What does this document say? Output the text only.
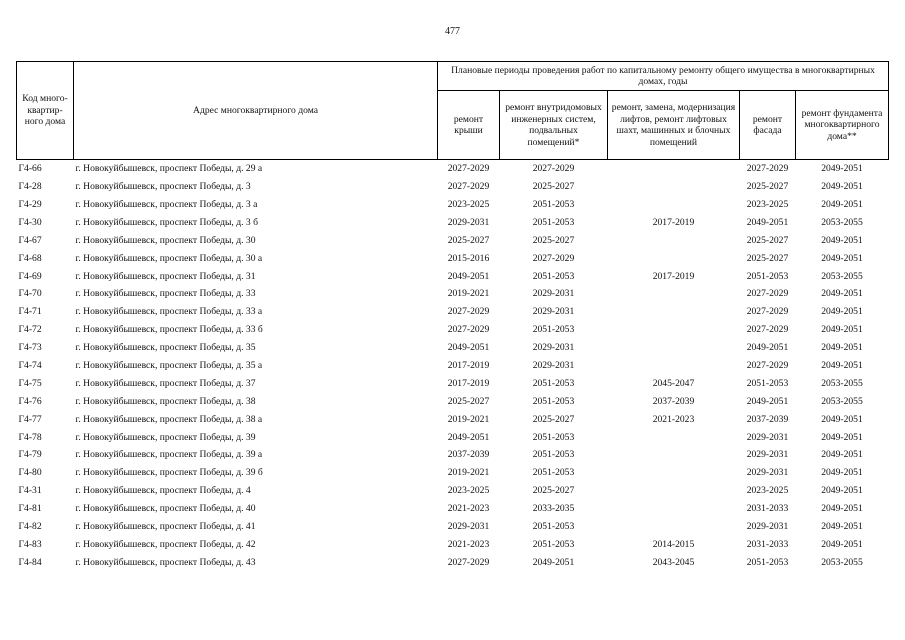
477
Код много-квартир-ного дома	Адрес многоквартирного дома	Плановые периоды проведения работ по капитальному ремонту общего имущества в многоквартирных домах, годы				
		ремонт крыши	ремонт внутридомовых инженерных систем, подвальных помещений*	ремонт, замена, модернизация лифтов, ремонт лифтовых шахт, машинных и блочных помещений	ремонт фасада	ремонт фундамента многоквартирного дома**
Г4-66	г. Новокуйбышевск, проспект Победы, д. 29 а	2027-2029	2027-2029		2027-2029	2049-2051
Г4-28	г. Новокуйбышевск, проспект Победы, д. 3	2027-2029	2025-2027		2025-2027	2049-2051
Г4-29	г. Новокуйбышевск, проспект Победы, д. 3 а	2023-2025	2051-2053		2023-2025	2049-2051
Г4-30	г. Новокуйбышевск, проспект Победы, д. 3 б	2029-2031	2051-2053	2017-2019	2049-2051	2053-2055
Г4-67	г. Новокуйбышевск, проспект Победы, д. 30	2025-2027	2025-2027		2025-2027	2049-2051
Г4-68	г. Новокуйбышевск, проспект Победы, д. 30 а	2015-2016	2027-2029		2025-2027	2049-2051
Г4-69	г. Новокуйбышевск, проспект Победы, д. 31	2049-2051	2051-2053	2017-2019	2051-2053	2053-2055
Г4-70	г. Новокуйбышевск, проспект Победы, д. 33	2019-2021	2029-2031		2027-2029	2049-2051
Г4-71	г. Новокуйбышевск, проспект Победы, д. 33 а	2027-2029	2029-2031		2027-2029	2049-2051
Г4-72	г. Новокуйбышевск, проспект Победы, д. 33 б	2027-2029	2051-2053		2027-2029	2049-2051
Г4-73	г. Новокуйбышевск, проспект Победы, д. 35	2049-2051	2029-2031		2049-2051	2049-2051
Г4-74	г. Новокуйбышевск, проспект Победы, д. 35 а	2017-2019	2029-2031		2027-2029	2049-2051
Г4-75	г. Новокуйбышевск, проспект Победы, д. 37	2017-2019	2051-2053	2045-2047	2051-2053	2053-2055
Г4-76	г. Новокуйбышевск, проспект Победы, д. 38	2025-2027	2051-2053	2037-2039	2049-2051	2053-2055
Г4-77	г. Новокуйбышевск, проспект Победы, д. 38 а	2019-2021	2025-2027	2021-2023	2037-2039	2049-2051
Г4-78	г. Новокуйбышевск, проспект Победы, д. 39	2049-2051	2051-2053		2029-2031	2049-2051
Г4-79	г. Новокуйбышевск, проспект Победы, д. 39 а	2037-2039	2051-2053		2029-2031	2049-2051
Г4-80	г. Новокуйбышевск, проспект Победы, д. 39 б	2019-2021	2051-2053		2029-2031	2049-2051
Г4-31	г. Новокуйбышевск, проспект Победы, д. 4	2023-2025	2025-2027		2023-2025	2049-2051
Г4-81	г. Новокуйбышевск, проспект Победы, д. 40	2021-2023	2033-2035		2031-2033	2049-2051
Г4-82	г. Новокуйбышевск, проспект Победы, д. 41	2029-2031	2051-2053		2029-2031	2049-2051
Г4-83	г. Новокуйбышевск, проспект Победы, д. 42	2021-2023	2051-2053	2014-2015	2031-2033	2049-2051
Г4-84	г. Новокуйбышевск, проспект Победы, д. 43	2027-2029	2049-2051	2043-2045	2051-2053	2053-2055
